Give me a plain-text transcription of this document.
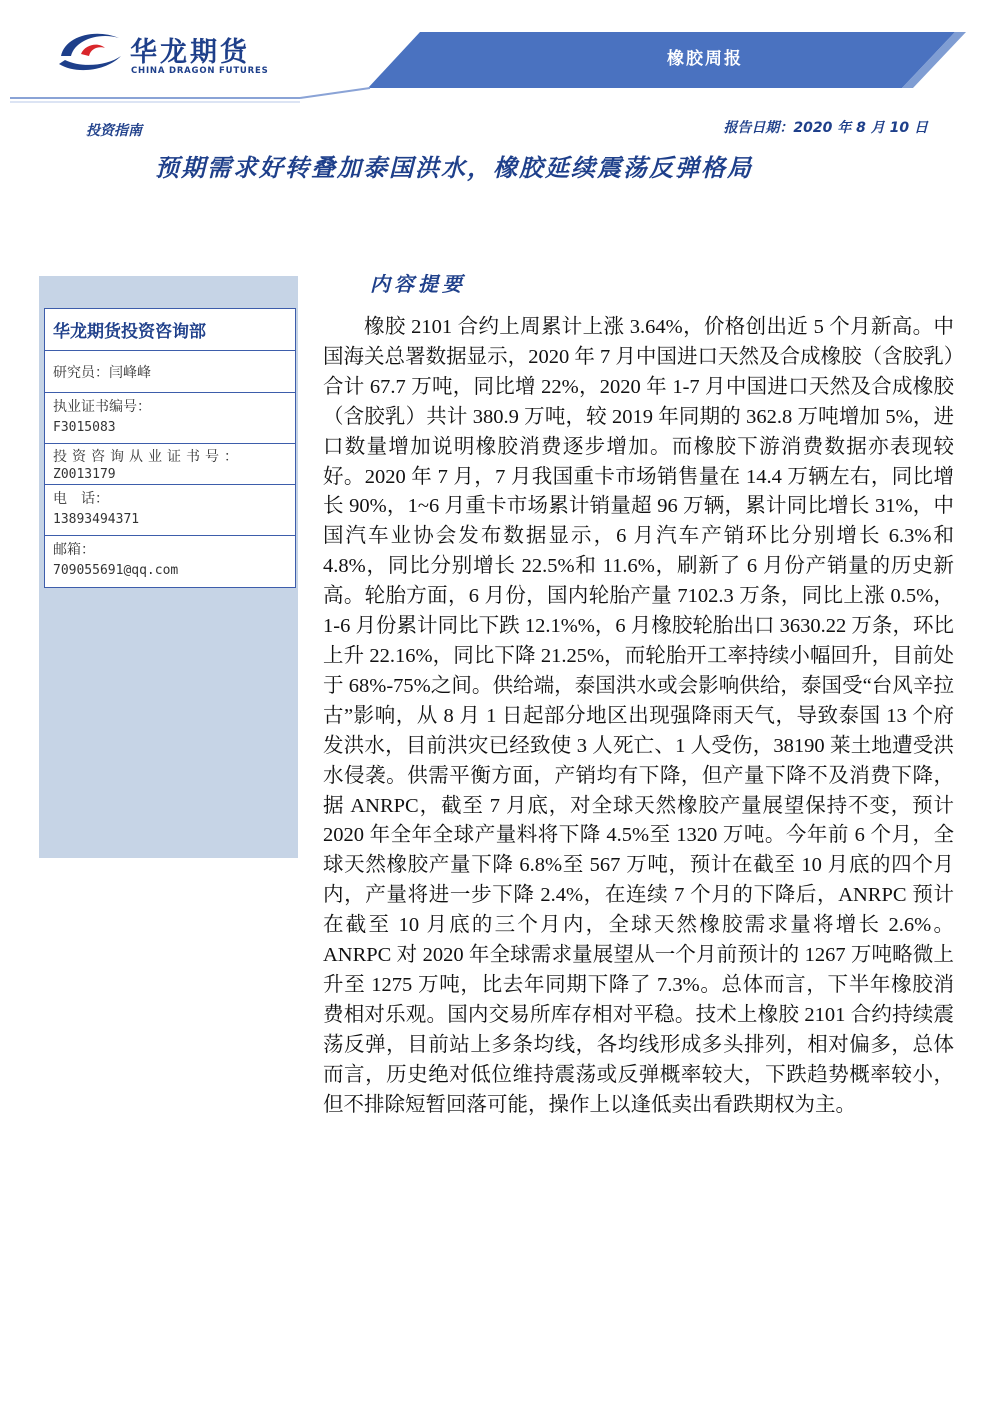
华龙期货
CHINA DRAGON FUTURES
橡胶周报
投资指南	报告日期：2020 年 8 月 10 日
预期需求好转叠加泰国洪水，橡胶延续震荡反弹格局
华龙期货投资咨询部
研究员：闫峰峰
执业证书编号：
F3015083
投资咨询从业证书号：
Z0013179
电　话：
13893494371
邮箱：
709055691@qq.com
内容提要

橡胶 2101 合约上周累计上涨 3.64%，价格创出近 5 个月新高。中国海关总署数据显示，2020 年 7 月中国进口天然及合成橡胶（含胶乳）合计 67.7 万吨，同比增 22%，2020 年 1-7 月中国进口天然及合成橡胶（含胶乳）共计 380.9 万吨，较 2019 年同期的 362.8 万吨增加 5%，进口数量增加说明橡胶消费逐步增加。而橡胶下游消费数据亦表现较好。2020 年 7 月，7 月我国重卡市场销售量在 14.4 万辆左右，同比增长 90%，1~6 月重卡市场累计销量超 96 万辆，累计同比增长 31%，中国汽车业协会发布数据显示，6 月汽车产销环比分别增长 6.3%和 4.8%，同比分别增长 22.5%和 11.6%，刷新了 6 月份产销量的历史新高。轮胎方面，6 月份，国内轮胎产量 7102.3 万条，同比上涨 0.5%，1-6 月份累计同比下跌 12.1%%，6 月橡胶轮胎出口 3630.22 万条，环比上升 22.16%，同比下降 21.25%，而轮胎开工率持续小幅回升，目前处于 68%-75%之间。供给端，泰国洪水或会影响供给，泰国受“台风辛拉古”影响，从 8 月 1 日起部分地区出现强降雨天气，导致泰国 13 个府发洪水，目前洪灾已经致使 3 人死亡、1 人受伤，38190 莱土地遭受洪水侵袭。供需平衡方面，产销均有下降，但产量下降不及消费下降，据 ANRPC，截至 7 月底，对全球天然橡胶产量展望保持不变，预计 2020 年全年全球产量料将下降 4.5%至 1320 万吨。今年前 6 个月，全球天然橡胶产量下降 6.8%至 567 万吨，预计在截至 10 月底的四个月内，产量将进一步下降 2.4%，在连续 7 个月的下降后，ANRPC 预计在截至 10 月底的三个月内，全球天然橡胶需求量将增长 2.6%。ANRPC 对 2020 年全球需求量展望从一个月前预计的 1267 万吨略微上升至 1275 万吨，比去年同期下降了 7.3%。总体而言，下半年橡胶消费相对乐观。国内交易所库存相对平稳。技术上橡胶 2101 合约持续震荡反弹，目前站上多条均线，各均线形成多头排列，相对偏多，总体而言，历史绝对低位维持震荡或反弹概率较大，下跌趋势概率较小，但不排除短暂回落可能，操作上以逢低卖出看跌期权为主。
